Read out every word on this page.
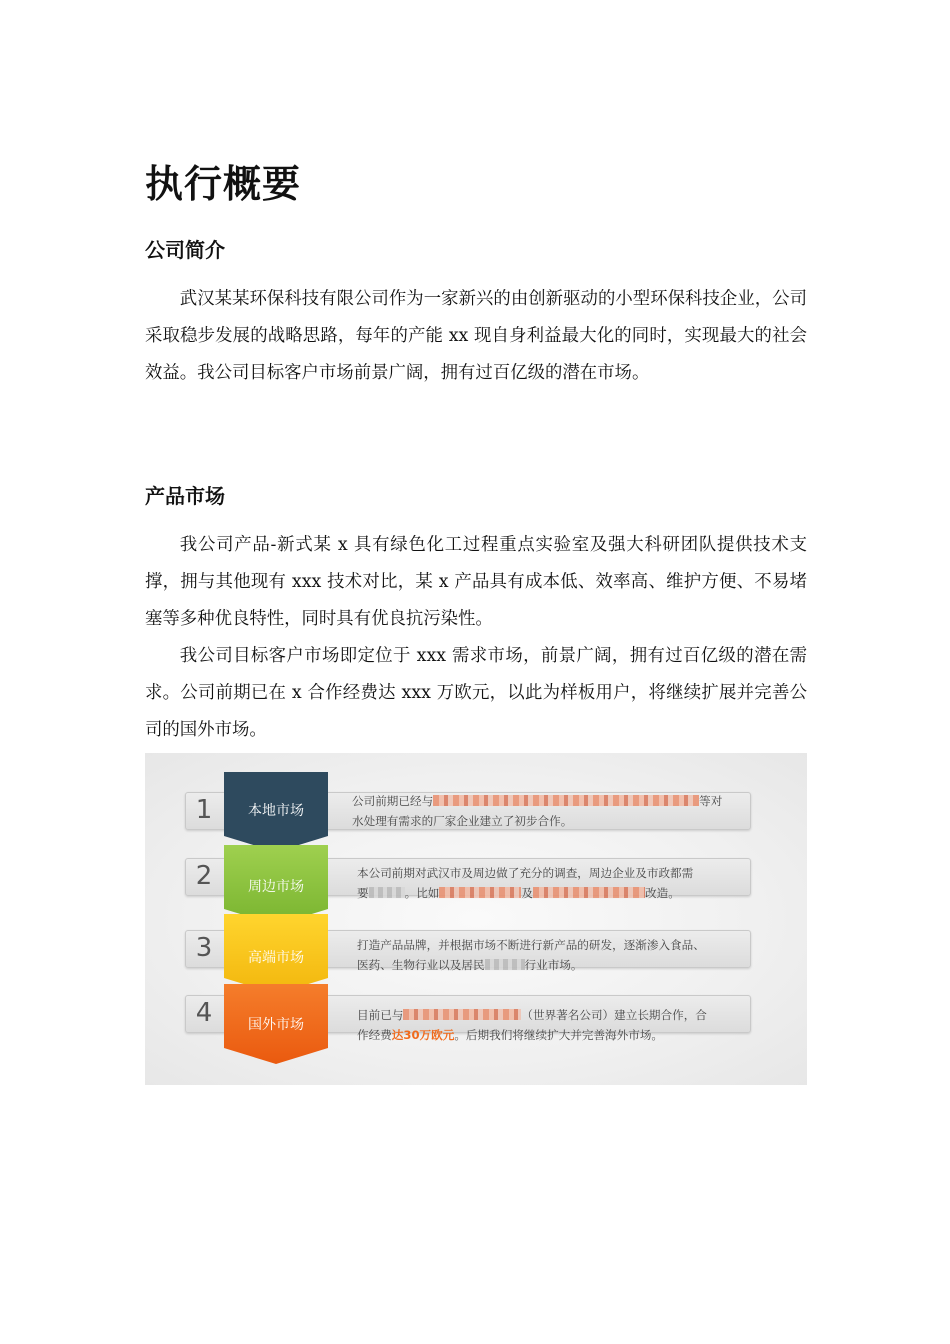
执行概要
公司简介

武汉某某环保科技有限公司作为一家新兴的由创新驱动的小型环保科技企业，公司采取稳步发展的战略思路，每年的产能 xx 现自身利益最大化的同时，实现最大的社会效益。我公司目标客户市场前景广阔，拥有过百亿级的潜在市场。

产品市场

我公司产品-新式某 x 具有绿色化工过程重点实验室及强大科研团队提供技术支撑，拥与其他现有 xxx 技术对比，某 x 产品具有成本低、效率高、维护方便、不易堵塞等多种优良特性，同时具有优良抗污染性。

我公司目标客户市场即定位于 xxx 需求市场，前景广阔，拥有过百亿级的潜在需求。公司前期已在 x 合作经费达 xxx 万欧元，以此为样板用户，将继续扩展并完善公司的国外市场。

1
2
3
4
本地市场
周边市场
高端市场
国外市场
公司前期已经与	等对
水处理有需求的厂家企业建立了初步合作。
本公司前期对武汉市及周边做了充分的调查，周边企业及市政都需
要	。比如	及	改造。
打造产品品牌，并根据市场不断进行新产品的研发，逐渐渗入食品、
医药、生物行业以及居民	行业市场。
目前已与	（世界著名公司）建立长期合作，合
作经费达30万欧元。后期我们将继续扩大并完善海外市场。
